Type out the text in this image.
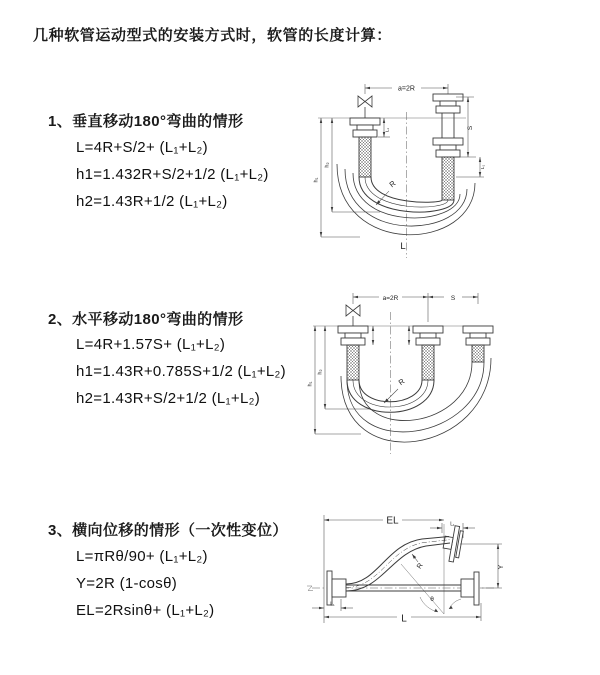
几种软管运动型式的安装方式时，软管的长度计算：
1、垂直移动180°弯曲的情形
L=4R+S/2+ (L₁+L₂)
h1=1.432R+S/2+1/2 (L₁+L₂)
h2=1.43R+1/2 (L₁+L₂)
a=2R
L₁	S
L₁
h₁
h₂
R
L
2、水平移动180°弯曲的情形
L=4R+1.57S+ (L₁+L₂)
h1=1.43R+0.785S+1/2 (L₁+L₂)
h2=1.43R+S/2+1/2 (L₁+L₂)
a=2R	S
h₁
h₂
R
3、横向位移的情形（一次性变位）
L=πRθ/90+ (L₁+L₂)
Y=2R (1-cosθ)
EL=2Rsinθ+ (L₁+L₂)
EL	L₁
Y
θ
R
L
L₁
